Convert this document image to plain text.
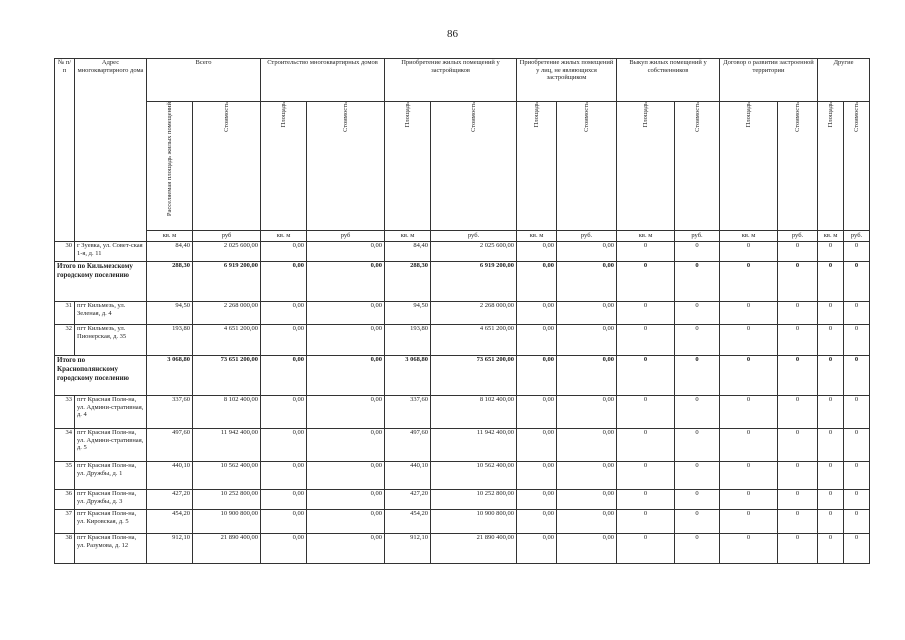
86
№ п/п	Адрес многоквартирного дома	Всего		Строительство многоквартирных домов		Приобретение жилых помещений у застройщиков		Приобретение жилых помещений у лиц, не являющихся застройщиком		Выкуп жилых помещений у собственников		Договор о развитии застроенной территории		Другие	
		Расселяемая площадь жилых помещений	Стоимость	Площадь	Стоимость	Площадь	Стоимость	Площадь	Стоимость	Площадь	Стоимость	Площадь	Стоимость	Площадь	Стоимость
		кв. м	руб	кв. м	руб	кв. м	руб.	кв. м	руб.	кв. м	руб.	кв. м	руб.	кв. м	руб.
30	г Зуевка, ул. Совет-ская 1-я, д. 11	84,40	2 025 600,00	0,00	0,00	84,40	2 025 600,00	0,00	0,00	0	0	0	0	0	0
Итого по Кильмезскому городскому поселению		288,30	6 919 200,00	0,00	0,00	288,30	6 919 200,00	0,00	0,00	0	0	0	0	0	0
31	пгт Кильмезь, ул. Зеленая, д. 4	94,50	2 268 000,00	0,00	0,00	94,50	2 268 000,00	0,00	0,00	0	0	0	0	0	0
32	пгт Кильмезь, ул. Пионерская, д. 35	193,80	4 651 200,00	0,00	0,00	193,80	4 651 200,00	0,00	0,00	0	0	0	0	0	0
Итого по Краснополянскому городскому поселению		3 068,80	73 651 200,00	0,00	0,00	3 068,80	73 651 200,00	0,00	0,00	0	0	0	0	0	0
33	пгт Красная Поля-на, ул. Админи-стративная, д. 4	337,60	8 102 400,00	0,00	0,00	337,60	8 102 400,00	0,00	0,00	0	0	0	0	0	0
34	пгт Красная Поля-на, ул. Админи-стративная, д. 5	497,60	11 942 400,00	0,00	0,00	497,60	11 942 400,00	0,00	0,00	0	0	0	0	0	0
35	пгт Красная Поля-на, ул. Дружбы, д. 1	440,10	10 562 400,00	0,00	0,00	440,10	10 562 400,00	0,00	0,00	0	0	0	0	0	0
36	пгт Красная Поля-на, ул. Дружбы, д. 3	427,20	10 252 800,00	0,00	0,00	427,20	10 252 800,00	0,00	0,00	0	0	0	0	0	0
37	пгт Красная Поля-на, ул. Кировская, д. 5	454,20	10 900 800,00	0,00	0,00	454,20	10 900 800,00	0,00	0,00	0	0	0	0	0	0
38	пгт Красная Поля-на, ул. Разумова, д. 12	912,10	21 890 400,00	0,00	0,00	912,10	21 890 400,00	0,00	0,00	0	0	0	0	0	0
